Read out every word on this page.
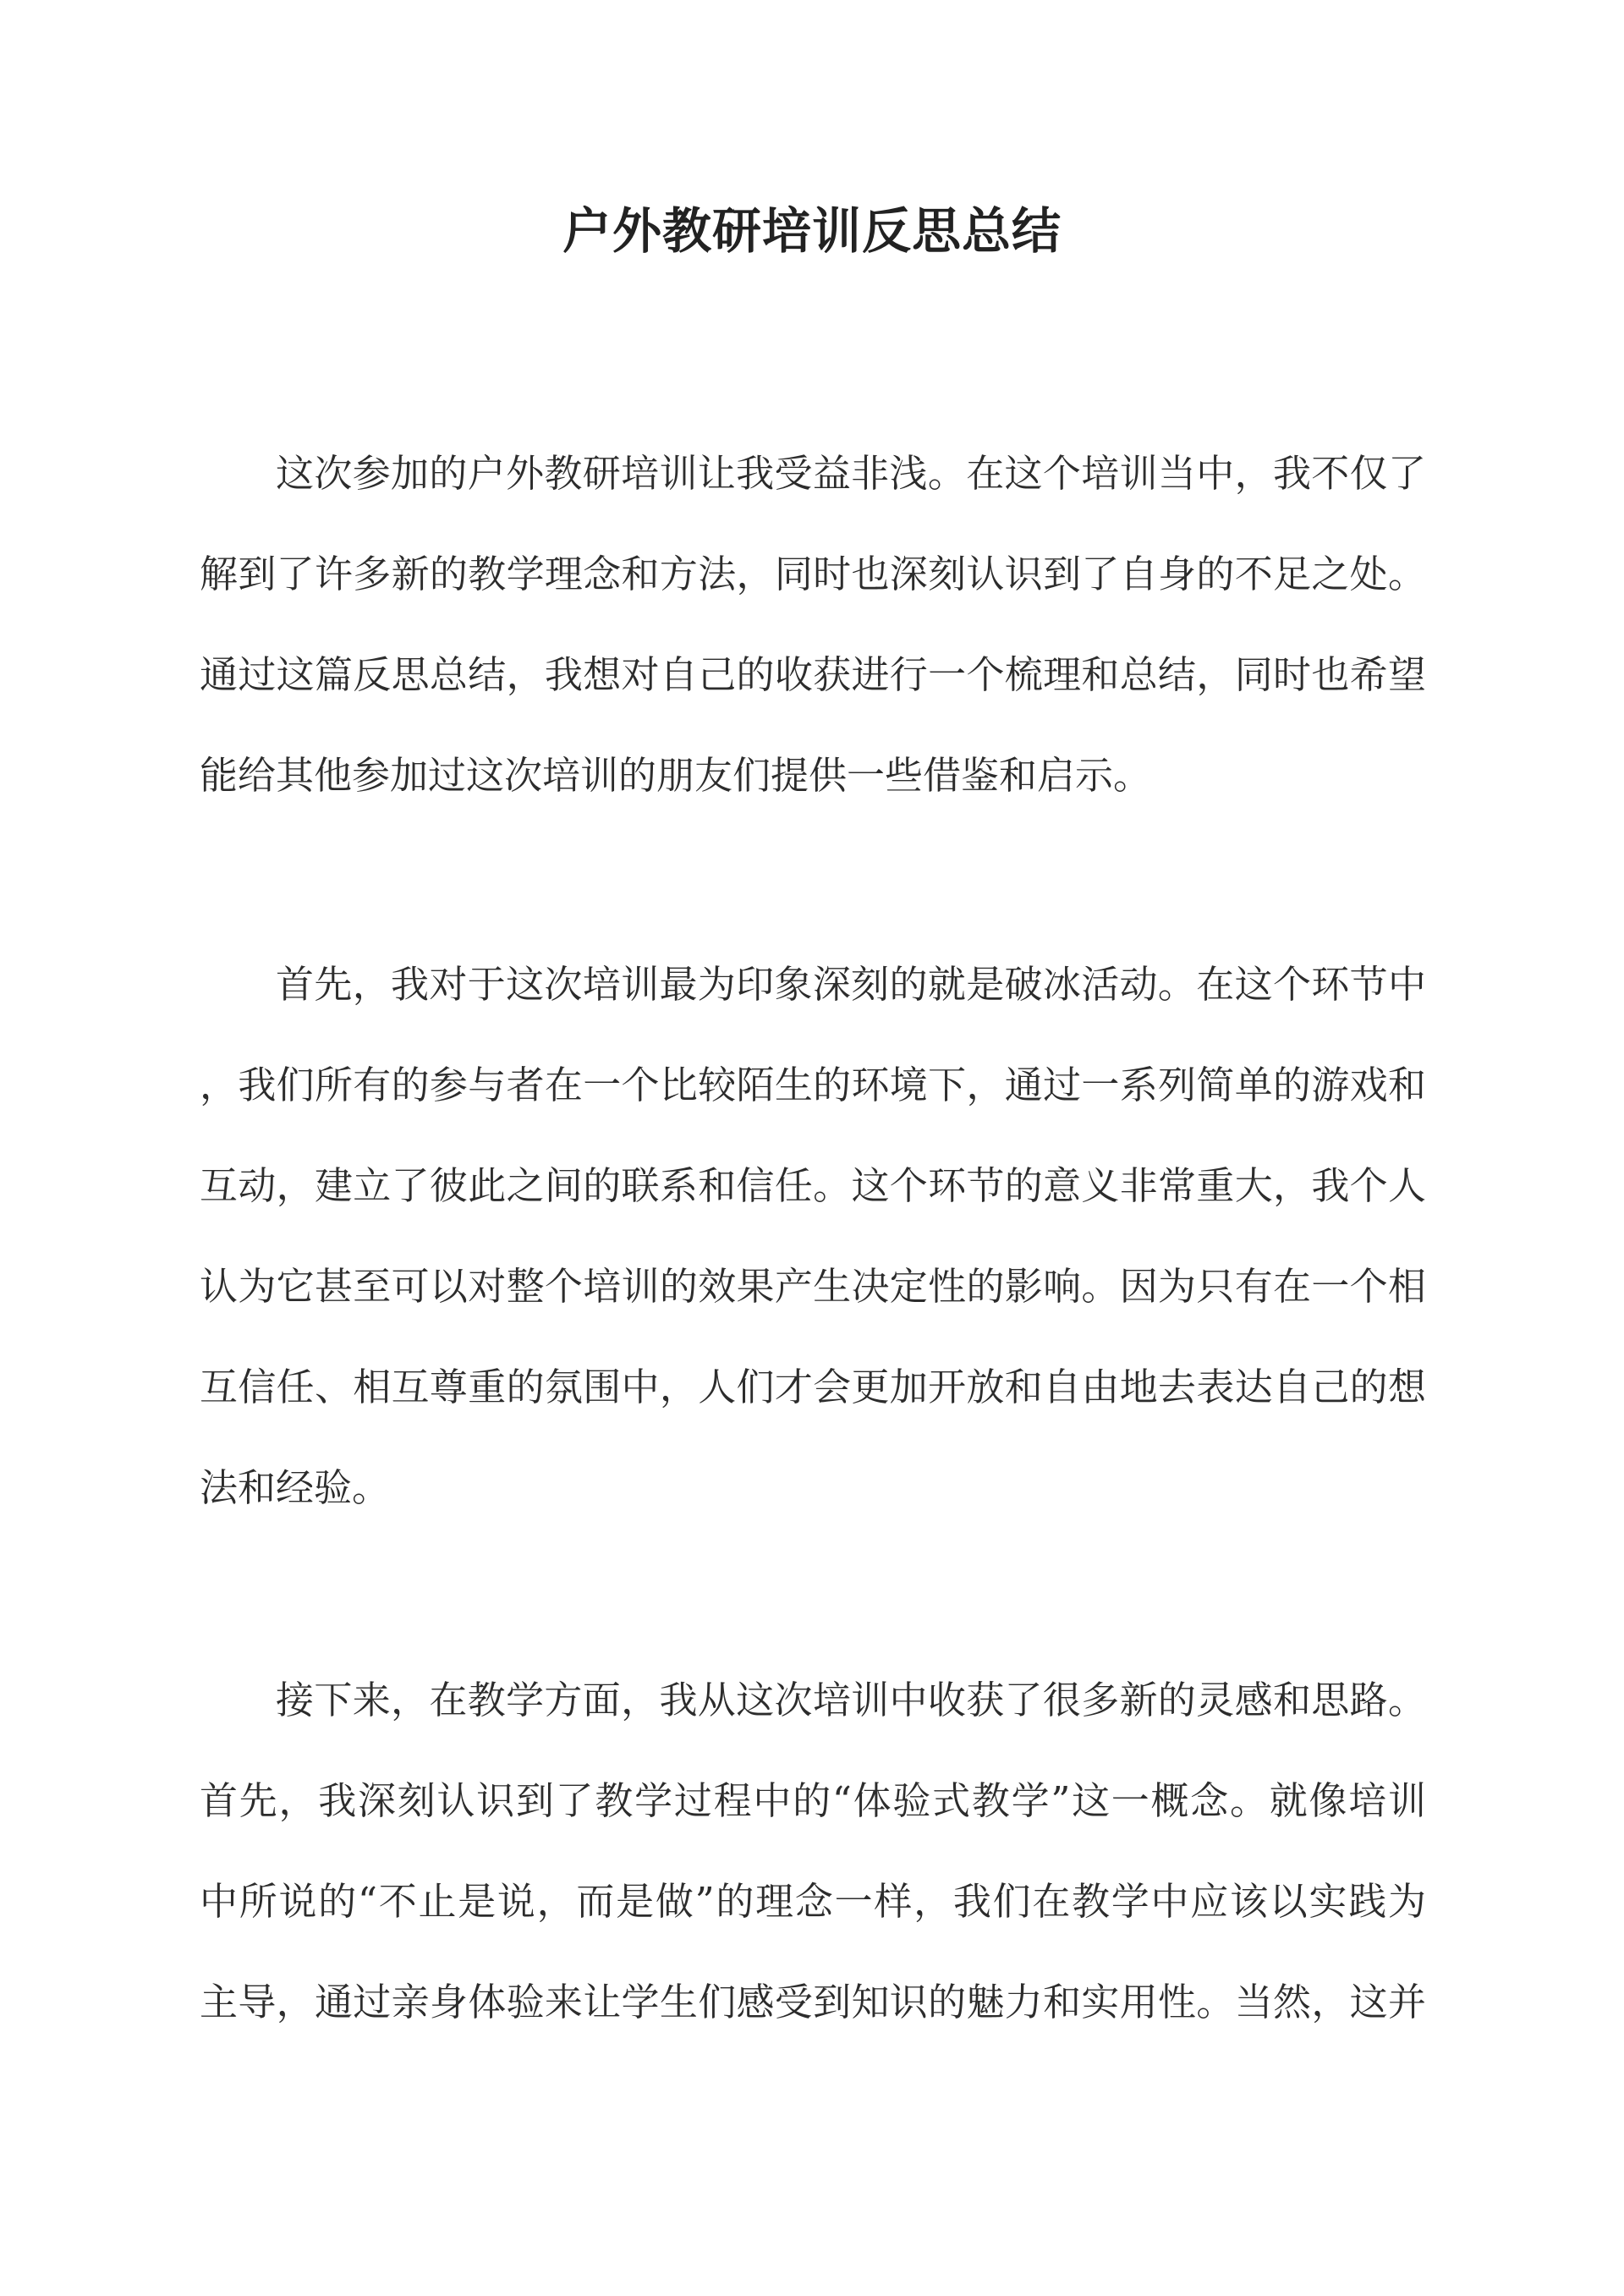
户外教研培训反思总结
这次参加的户外教研培训让我受益非浅。在这个培训当中，我不仅了
解到了许多新的教学理念和方法，同时也深刻认识到了自身的不足之处。
通过这篇反思总结，我想对自己的收获进行一个梳理和总结，同时也希望
能给其他参加过这次培训的朋友们提供一些借鉴和启示。
首先，我对于这次培训最为印象深刻的就是破冰活动。在这个环节中
，我们所有的参与者在一个比较陌生的环境下，通过一系列简单的游戏和
互动，建立了彼此之间的联系和信任。这个环节的意义非常重大，我个人
认为它甚至可以对整个培训的效果产生决定性的影响。因为只有在一个相
互信任、相互尊重的氛围中，人们才会更加开放和自由地去表达自己的想
法和经验。
接下来，在教学方面，我从这次培训中收获了很多新的灵感和思路。
首先，我深刻认识到了教学过程中的“体验式教学”这一概念。就像培训
中所说的“不止是说，而是做”的理念一样，我们在教学中应该以实践为
主导，通过亲身体验来让学生们感受到知识的魅力和实用性。当然，这并
